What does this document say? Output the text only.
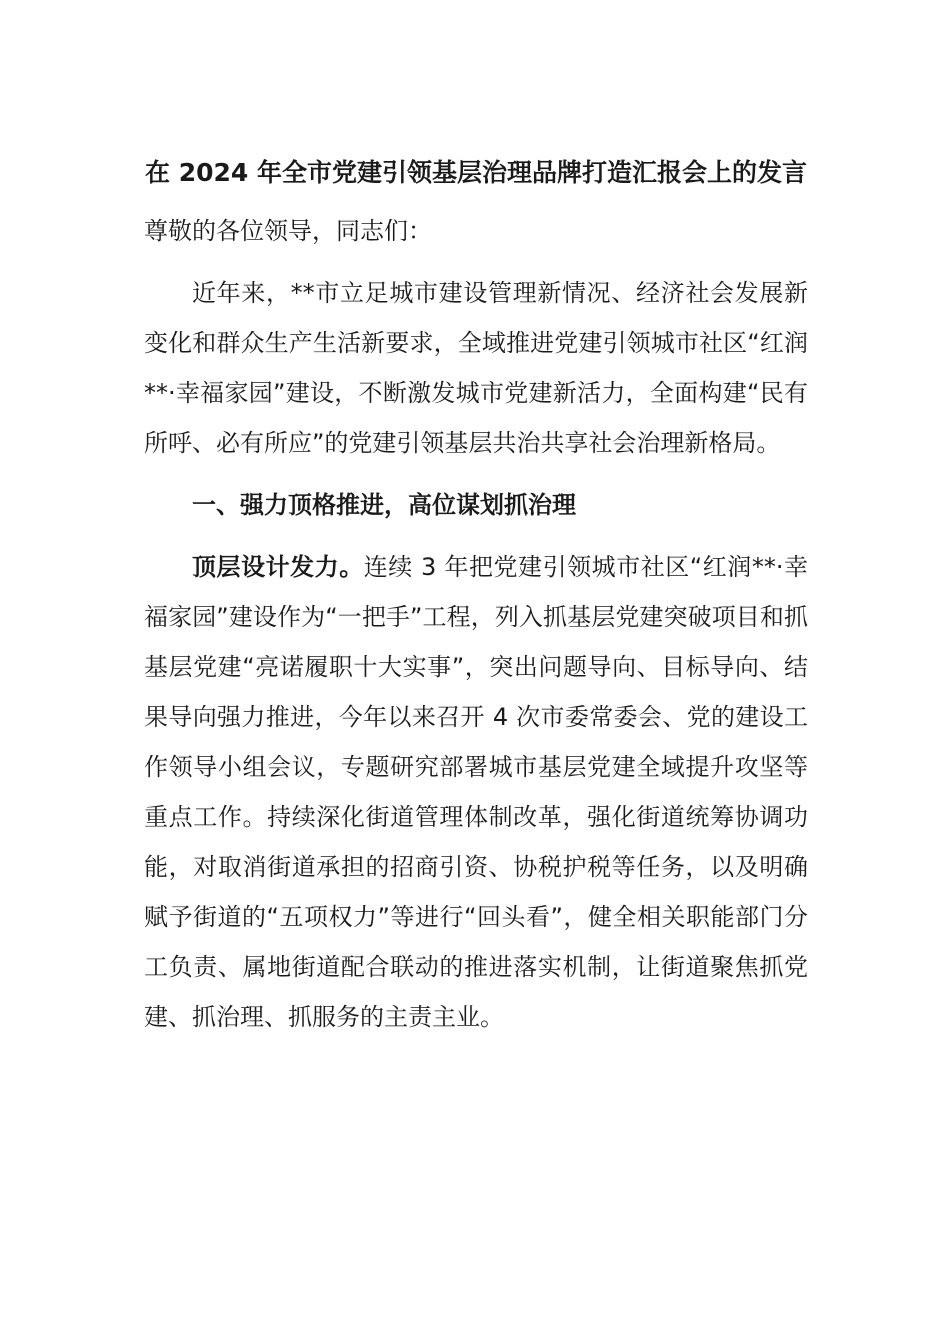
在 2024 年全市党建引领基层治理品牌打造汇报会上的发言

尊敬的各位领导，同志们：

近年来，**市立足城市建设管理新情况、经济社会发展新变化和群众生产生活新要求，全域推进党建引领城市社区“红润**·幸福家园”建设，不断激发城市党建新活力，全面构建“民有所呼、必有所应”的党建引领基层共治共享社会治理新格局。

一、强力顶格推进，高位谋划抓治理

顶层设计发力。连续 3 年把党建引领城市社区“红润**·幸福家园”建设作为“一把手”工程，列入抓基层党建突破项目和抓基层党建“亮诺履职十大实事”，突出问题导向、目标导向、结果导向强力推进，今年以来召开 4 次市委常委会、党的建设工作领导小组会议，专题研究部署城市基层党建全域提升攻坚等重点工作。持续深化街道管理体制改革，强化街道统筹协调功能，对取消街道承担的招商引资、协税护税等任务，以及明确赋予街道的“五项权力”等进行“回头看”，健全相关职能部门分工负责、属地街道配合联动的推进落实机制，让街道聚焦抓党建、抓治理、抓服务的主责主业。
